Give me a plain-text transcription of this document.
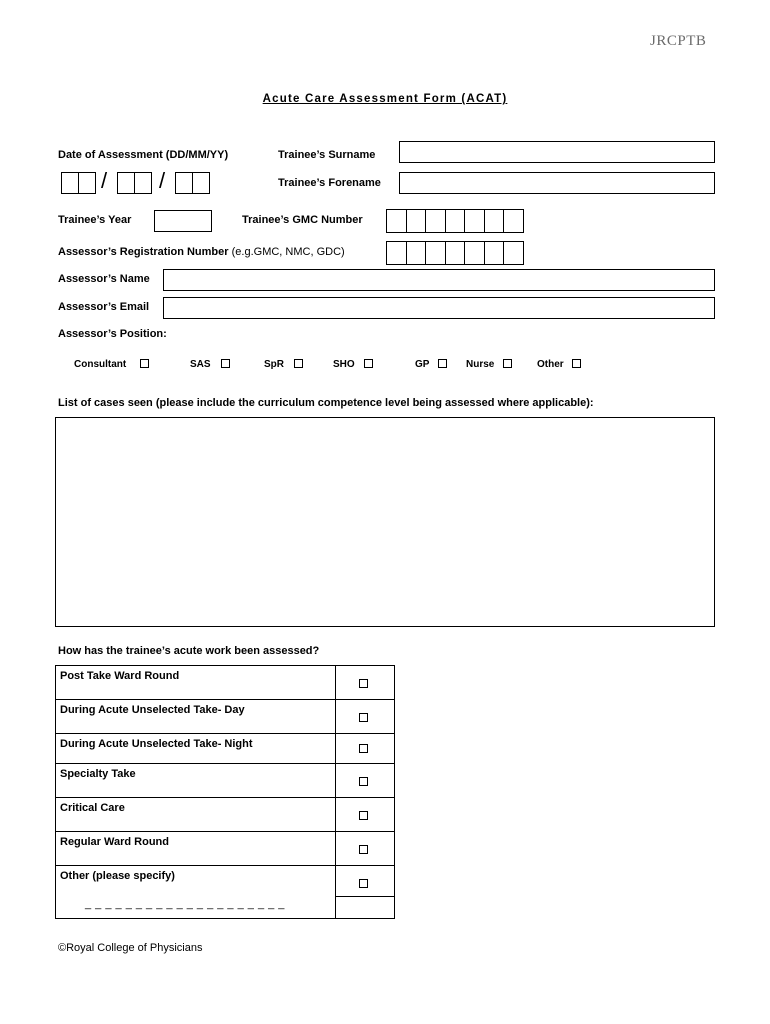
JRCPTB
Acute Care Assessment Form (ACAT)
Date of Assessment (DD/MM/YY)
/ /
Trainee’s Surname
Trainee’s Forename
Trainee’s Year	Trainee’s GMC Number
Assessor’s Registration Number (e.g.GMC, NMC, GDC)
Assessor’s Name
Assessor’s Email
Assessor’s Position:
Consultant	SAS	SpR	SHO	GP	Nurse	Other
List of cases seen (please include the curriculum competence level being assessed where applicable):
How has the trainee’s acute work been assessed?
Post Take Ward Round	

During Acute Unselected Take- Day	

During Acute Unselected Take- Night	

Specialty Take	

Critical Care	

Regular Ward Round	

Other (please specify)
_ _ _ _ _ _ _ _ _ _ _ _ _ _ _ _ _ _ _ _	

©Royal College of Physicians
